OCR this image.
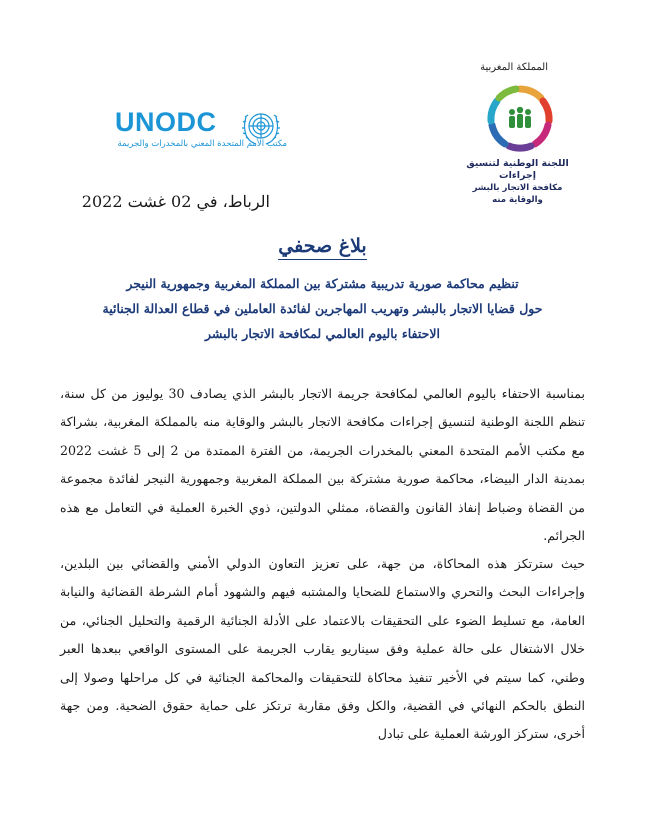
UNODC
مكتب الأمم المتحدة المعني بالمخدرات والجريمة
المملكة المغربية
اللجنة الوطنية لتنسيق إجراءات
مكافحة الاتجار بالبشر والوقاية منه
الرباط، في 02 غشت 2022
بلاغ صحفي
تنظيم محاكمة صورية تدريبية مشتركة بين المملكة المغربية وجمهورية النيجر
حول قضايا الاتجار بالبشر وتهريب المهاجرين لفائدة العاملين في قطاع العدالة الجنائية
الاحتفاء باليوم العالمي لمكافحة الاتجار بالبشر

بمناسبة الاحتفاء باليوم العالمي لمكافحة جريمة الاتجار بالبشر الذي يصادف 30 يوليوز من كل سنة، تنظم اللجنة الوطنية لتنسيق إجراءات مكافحة الاتجار بالبشر والوقاية منه بالمملكة المغربية، بشراكة مع مكتب الأمم المتحدة المعني بالمخدرات الجريمة، من الفترة الممتدة من 2 إلى 5 غشت 2022 بمدينة الدار البيضاء، محاكمة صورية مشتركة بين المملكة المغربية وجمهورية النيجر لفائدة مجموعة من القضاة وضباط إنفاذ القانون والقضاة، ممثلي الدولتين، ذوي الخبرة العملية في التعامل مع هذه الجرائم.

حيث سترتكز هذه المحاكاة، من جهة، على تعزيز التعاون الدولي الأمني والقضائي بين البلدين، وإجراءات البحث والتحري والاستماع للضحايا والمشتبه فيهم والشهود أمام الشرطة القضائية والنيابة العامة، مع تسليط الضوء على التحقيقات بالاعتماد على الأدلة الجنائية الرقمية والتحليل الجنائي، من خلال الاشتغال على حالة عملية وفق سيناريو يقارب الجريمة على المستوى الواقعي ببعدها العبر وطني، كما سيتم في الأخير تنفيذ محاكاة للتحقيقات والمحاكمة الجنائية في كل مراحلها وصولا إلى النطق بالحكم النهائي في القضية، والكل وفق مقاربة ترتكز على حماية حقوق الضحية. ومن جهة أخرى، ستركز الورشة العملية على تبادل
